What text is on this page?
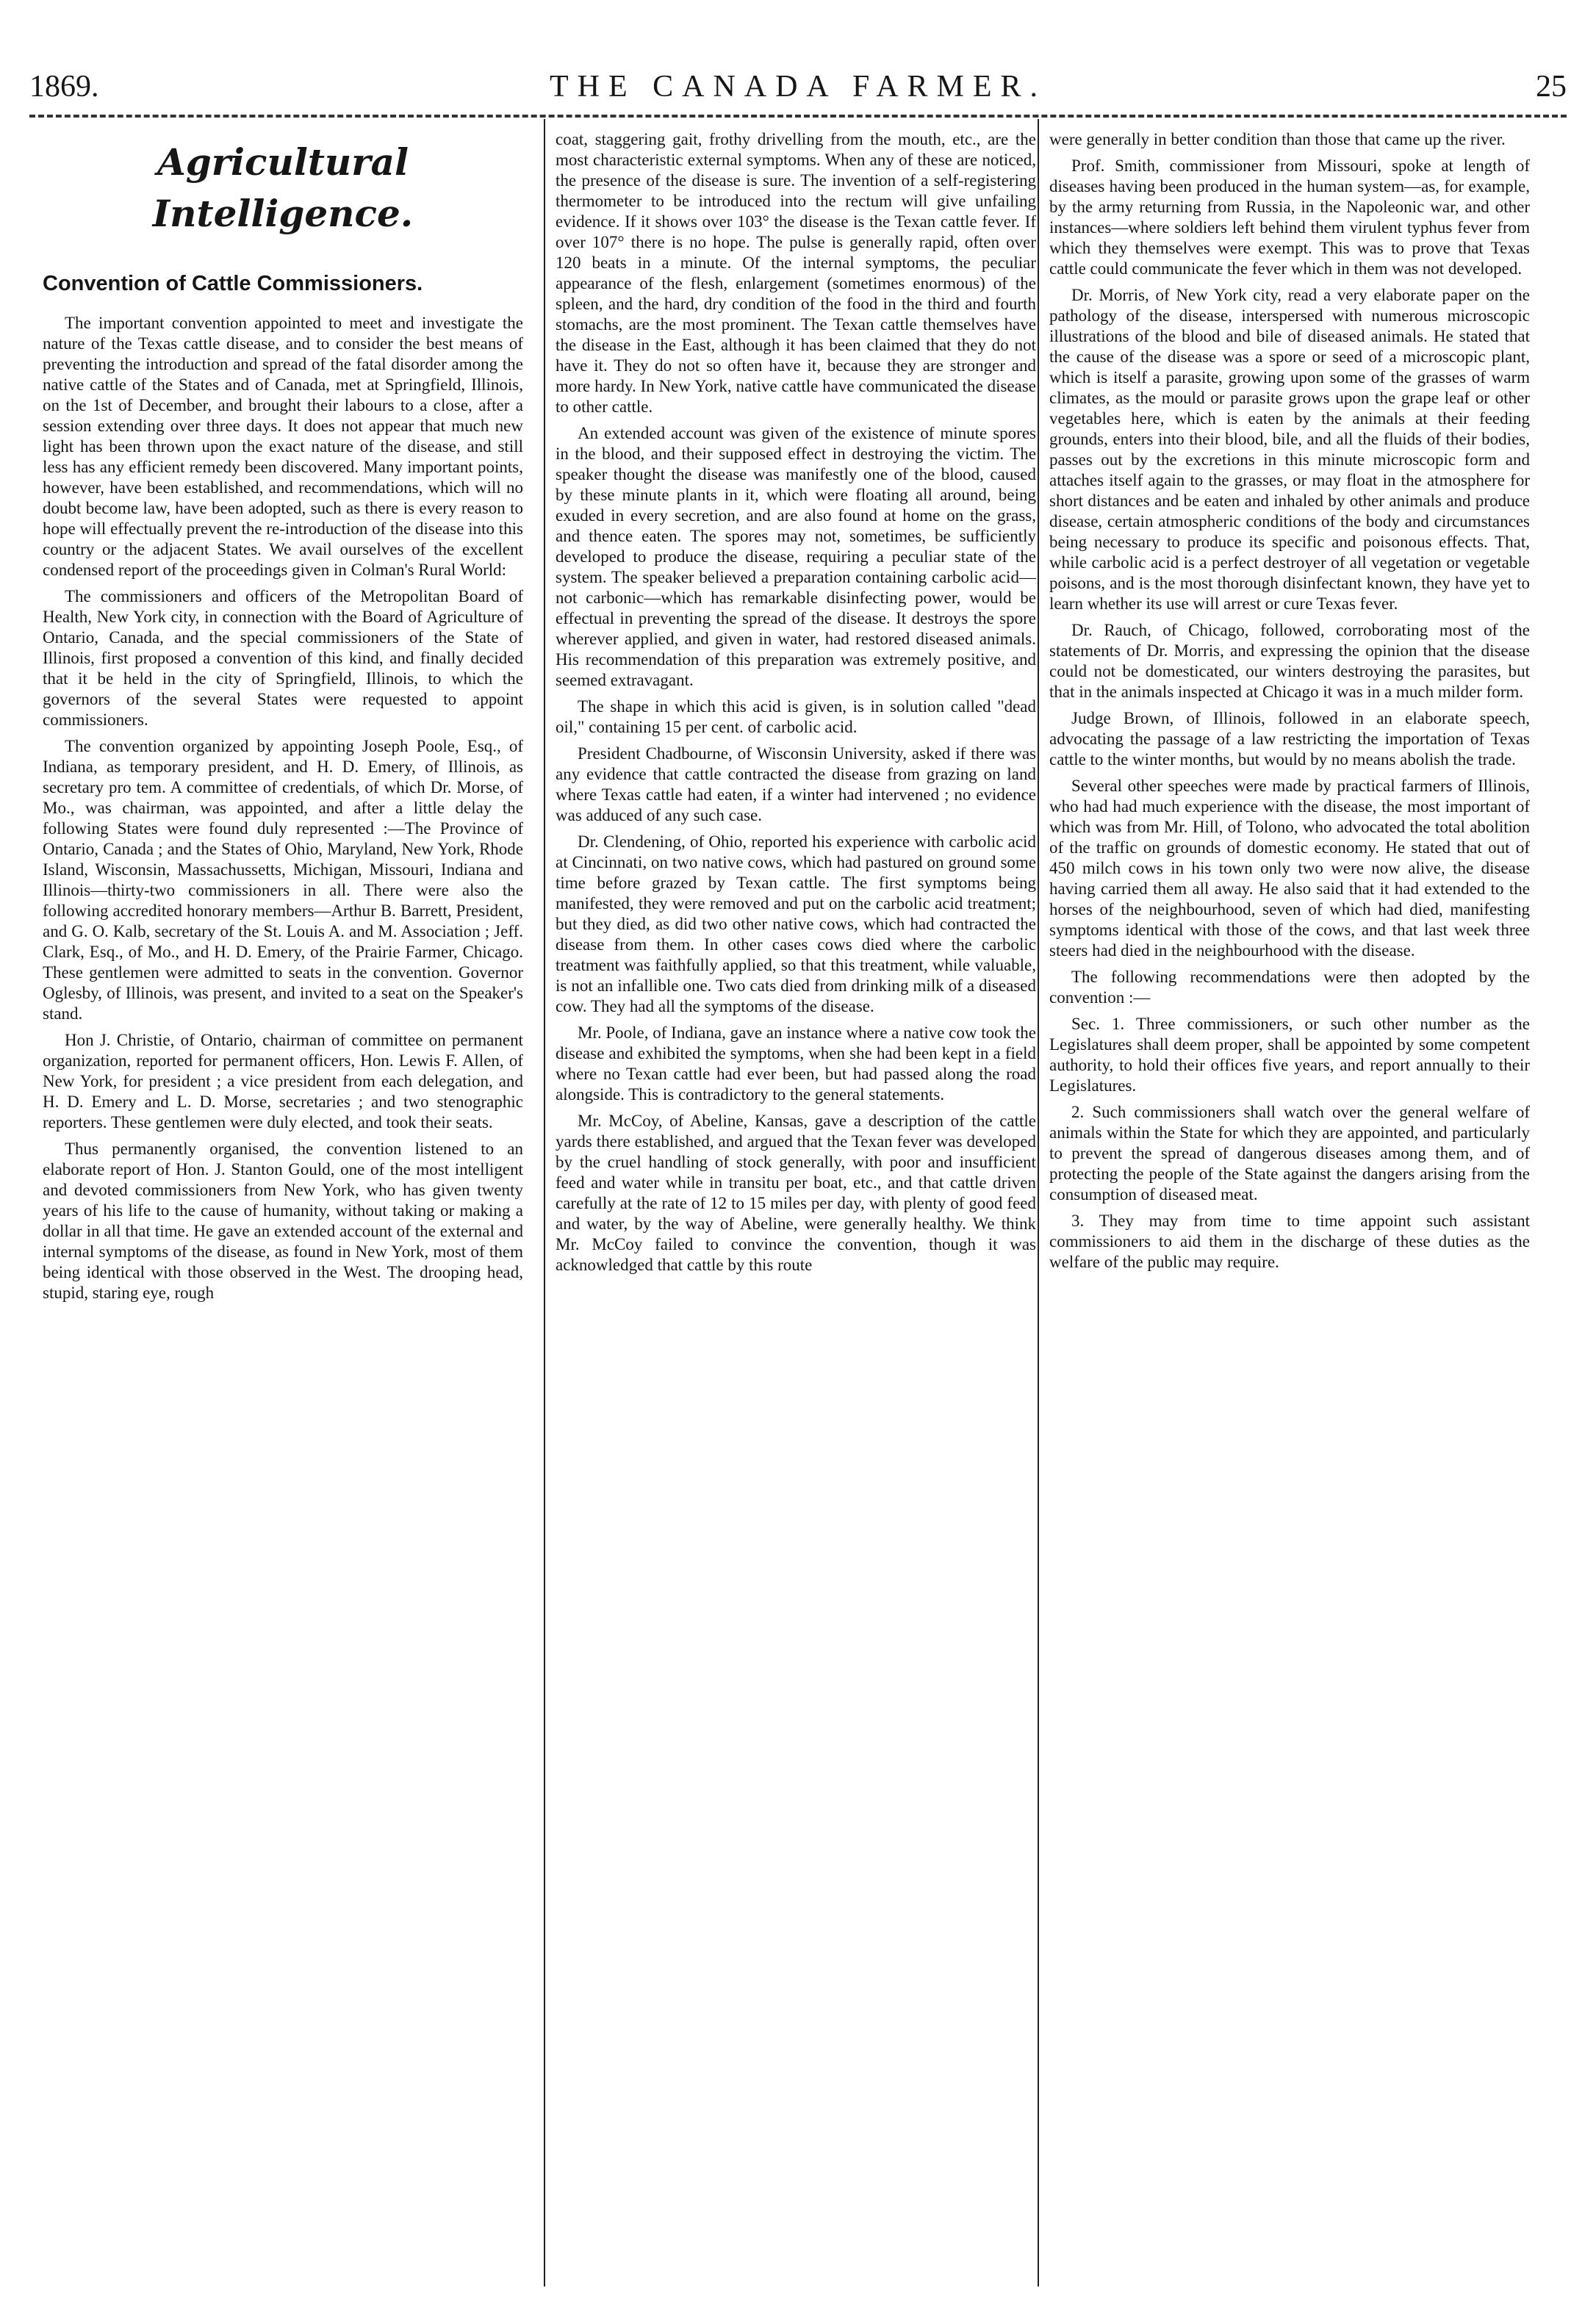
1869.	THE CANADA FARMER.	25
Agricultural Intelligence.
Convention of Cattle Commissioners.

The important convention appointed to meet and investigate the nature of the Texas cattle disease, and to consider the best means of preventing the introduction and spread of the fatal disorder among the native cattle of the States and of Canada, met at Springfield, Illinois, on the 1st of December, and brought their labours to a close, after a session extending over three days. It does not appear that much new light has been thrown upon the exact nature of the disease, and still less has any efficient remedy been discovered. Many important points, however, have been established, and recommendations, which will no doubt become law, have been adopted, such as there is every reason to hope will effectually prevent the re-introduction of the disease into this country or the adjacent States. We avail ourselves of the excellent condensed report of the proceedings given in Colman's Rural World:

The commissioners and officers of the Metropolitan Board of Health, New York city, in connection with the Board of Agriculture of Ontario, Canada, and the special commissioners of the State of Illinois, first proposed a convention of this kind, and finally decided that it be held in the city of Springfield, Illinois, to which the governors of the several States were requested to appoint commissioners.

The convention organized by appointing Joseph Poole, Esq., of Indiana, as temporary president, and H. D. Emery, of Illinois, as secretary pro tem. A committee of credentials, of which Dr. Morse, of Mo., was chairman, was appointed, and after a little delay the following States were found duly represented :—The Province of Ontario, Canada ; and the States of Ohio, Maryland, New York, Rhode Island, Wisconsin, Massachussetts, Michigan, Missouri, Indiana and Illinois—thirty-two commissioners in all. There were also the following accredited honorary members—Arthur B. Barrett, President, and G. O. Kalb, secretary of the St. Louis A. and M. Association ; Jeff. Clark, Esq., of Mo., and H. D. Emery, of the Prairie Farmer, Chicago. These gentlemen were admitted to seats in the convention. Governor Oglesby, of Illinois, was present, and invited to a seat on the Speaker's stand.

Hon J. Christie, of Ontario, chairman of committee on permanent organization, reported for permanent officers, Hon. Lewis F. Allen, of New York, for president ; a vice president from each delegation, and H. D. Emery and L. D. Morse, secretaries ; and two stenographic reporters. These gentlemen were duly elected, and took their seats.

Thus permanently organised, the convention listened to an elaborate report of Hon. J. Stanton Gould, one of the most intelligent and devoted commissioners from New York, who has given twenty years of his life to the cause of humanity, without taking or making a dollar in all that time. He gave an extended account of the external and internal symptoms of the disease, as found in New York, most of them being identical with those observed in the West. The drooping head, stupid, staring eye, rough

coat, staggering gait, frothy drivelling from the mouth, etc., are the most characteristic external symptoms. When any of these are noticed, the presence of the disease is sure. The invention of a self-registering thermometer to be introduced into the rectum will give unfailing evidence. If it shows over 103° the disease is the Texan cattle fever. If over 107° there is no hope. The pulse is generally rapid, often over 120 beats in a minute. Of the internal symptoms, the peculiar appearance of the flesh, enlargement (sometimes enormous) of the spleen, and the hard, dry condition of the food in the third and fourth stomachs, are the most prominent. The Texan cattle themselves have the disease in the East, although it has been claimed that they do not have it. They do not so often have it, because they are stronger and more hardy. In New York, native cattle have communicated the disease to other cattle.

An extended account was given of the existence of minute spores in the blood, and their supposed effect in destroying the victim. The speaker thought the disease was manifestly one of the blood, caused by these minute plants in it, which were floating all around, being exuded in every secretion, and are also found at home on the grass, and thence eaten. The spores may not, sometimes, be sufficiently developed to produce the disease, requiring a peculiar state of the system. The speaker believed a preparation containing carbolic acid—not carbonic—which has remarkable disinfecting power, would be effectual in preventing the spread of the disease. It destroys the spore wherever applied, and given in water, had restored diseased animals. His recommendation of this preparation was extremely positive, and seemed extravagant.

The shape in which this acid is given, is in solution called "dead oil," containing 15 per cent. of carbolic acid.

President Chadbourne, of Wisconsin University, asked if there was any evidence that cattle contracted the disease from grazing on land where Texas cattle had eaten, if a winter had intervened ; no evidence was adduced of any such case.

Dr. Clendening, of Ohio, reported his experience with carbolic acid at Cincinnati, on two native cows, which had pastured on ground some time before grazed by Texan cattle. The first symptoms being manifested, they were removed and put on the carbolic acid treatment; but they died, as did two other native cows, which had contracted the disease from them. In other cases cows died where the carbolic treatment was faithfully applied, so that this treatment, while valuable, is not an infallible one. Two cats died from drinking milk of a diseased cow. They had all the symptoms of the disease.

Mr. Poole, of Indiana, gave an instance where a native cow took the disease and exhibited the symptoms, when she had been kept in a field where no Texan cattle had ever been, but had passed along the road alongside. This is contradictory to the general statements.

Mr. McCoy, of Abeline, Kansas, gave a description of the cattle yards there established, and argued that the Texan fever was developed by the cruel handling of stock generally, with poor and insufficient feed and water while in transitu per boat, etc., and that cattle driven carefully at the rate of 12 to 15 miles per day, with plenty of good feed and water, by the way of Abeline, were generally healthy. We think Mr. McCoy failed to convince the convention, though it was acknowledged that cattle by this route

were generally in better condition than those that came up the river.

Prof. Smith, commissioner from Missouri, spoke at length of diseases having been produced in the human system—as, for example, by the army returning from Russia, in the Napoleonic war, and other instances—where soldiers left behind them virulent typhus fever from which they themselves were exempt. This was to prove that Texas cattle could communicate the fever which in them was not developed.

Dr. Morris, of New York city, read a very elaborate paper on the pathology of the disease, interspersed with numerous microscopic illustrations of the blood and bile of diseased animals. He stated that the cause of the disease was a spore or seed of a microscopic plant, which is itself a parasite, growing upon some of the grasses of warm climates, as the mould or parasite grows upon the grape leaf or other vegetables here, which is eaten by the animals at their feeding grounds, enters into their blood, bile, and all the fluids of their bodies, passes out by the excretions in this minute microscopic form and attaches itself again to the grasses, or may float in the atmosphere for short distances and be eaten and inhaled by other animals and produce disease, certain atmospheric conditions of the body and circumstances being necessary to produce its specific and poisonous effects. That, while carbolic acid is a perfect destroyer of all vegetation or vegetable poisons, and is the most thorough disinfectant known, they have yet to learn whether its use will arrest or cure Texas fever.

Dr. Rauch, of Chicago, followed, corroborating most of the statements of Dr. Morris, and expressing the opinion that the disease could not be domesticated, our winters destroying the parasites, but that in the animals inspected at Chicago it was in a much milder form.

Judge Brown, of Illinois, followed in an elaborate speech, advocating the passage of a law restricting the importation of Texas cattle to the winter months, but would by no means abolish the trade.

Several other speeches were made by practical farmers of Illinois, who had had much experience with the disease, the most important of which was from Mr. Hill, of Tolono, who advocated the total abolition of the traffic on grounds of domestic economy. He stated that out of 450 milch cows in his town only two were now alive, the disease having carried them all away. He also said that it had extended to the horses of the neighbourhood, seven of which had died, manifesting symptoms identical with those of the cows, and that last week three steers had died in the neighbourhood with the disease.

The following recommendations were then adopted by the convention :—

Sec. 1. Three commissioners, or such other number as the Legislatures shall deem proper, shall be appointed by some competent authority, to hold their offices five years, and report annually to their Legislatures.

2. Such commissioners shall watch over the general welfare of animals within the State for which they are appointed, and particularly to prevent the spread of dangerous diseases among them, and of protecting the people of the State against the dangers arising from the consumption of diseased meat.

3. They may from time to time appoint such assistant commissioners to aid them in the discharge of these duties as the welfare of the public may require.
